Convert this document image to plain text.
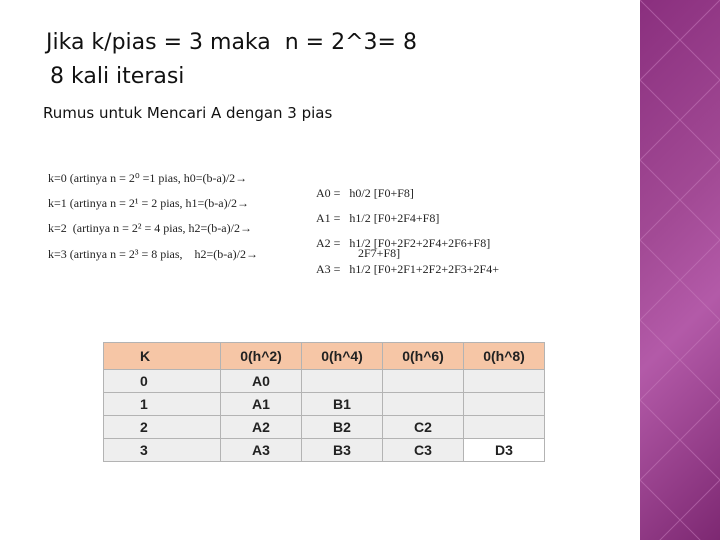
Jika k/pias = 3 maka  n = 2^3= 8
8 kali iterasi
Rumus untuk Mencari A dengan 3 pias

k=0 (artinya n = 2⁰ =1 pias, h0=(b-a)/2→

A0 =   h0/2 [F0+F8]

k=1 (artinya n = 2¹ = 2 pias, h1=(b-a)/2→

A1 =   h1/2 [F0+2F4+F8]

k=2  (artinya n = 2² = 4 pias, h2=(b-a)/2→

A2 =   h1/2 [F0+2F2+2F4+2F6+F8]

k=3 (artinya n = 2³ = 8 pias,    h2=(b-a)/2→

A3 =   h1/2 [F0+2F1+2F2+2F3+2F4+

2F7+F8]

K	0(h^2)	0(h^4)	0(h^6)	0(h^8)
0	A0			
1	A1	B1		
2	A2	B2	C2	
3	A3	B3	C3	D3
